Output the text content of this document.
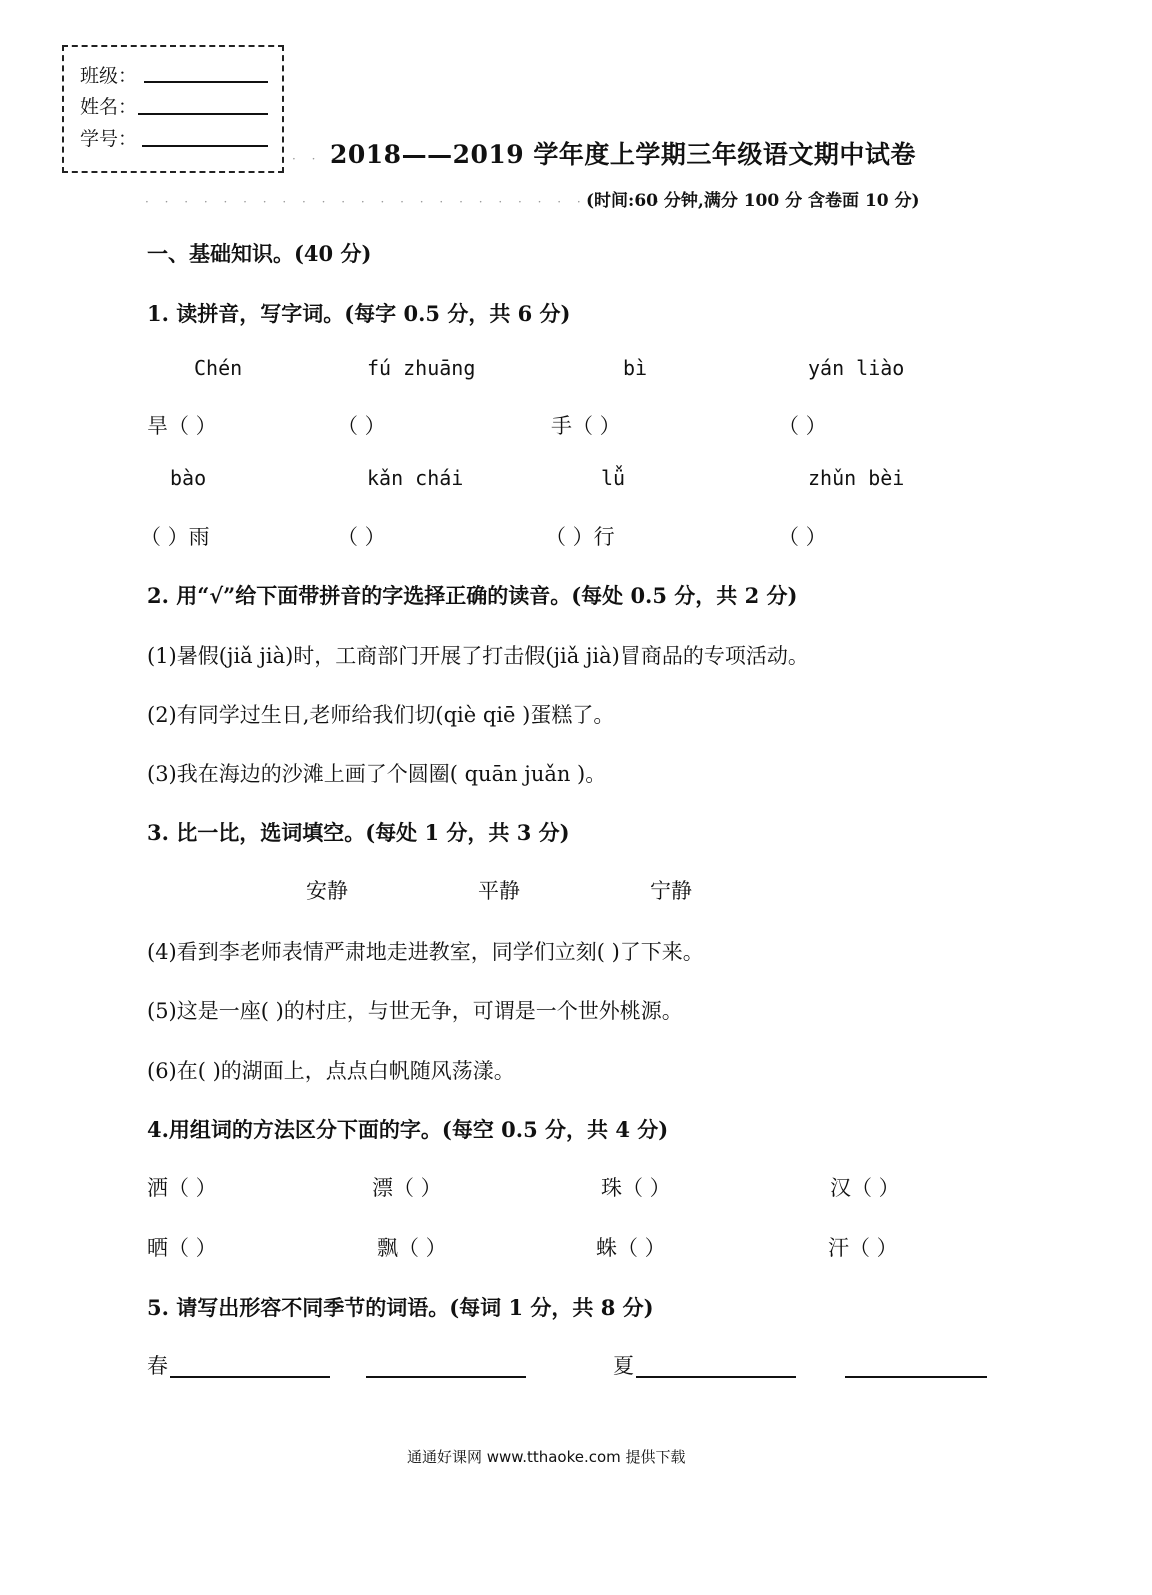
班级：
姓名：
学号：
· · ·
2018——2019 学年度上学期三年级语文期中试卷
· · · · · · · · · · · · · · · · · · · · · · · · · · · · ·
(时间:60 分钟,满分 100 分 含卷面 10 分)
一、基础知识。(40 分)
1. 读拼音，写字词。(每字 0.5 分，共 6 分)
Chén	fú zhuāng	bì	yán liào
旱（ ）	（ ）	手（ ）	（ ）
bào	kǎn chái	lǚ	zhǔn bèi
（ ）雨	（ ）	（ ）行	（ ）
2. 用“√”给下面带拼音的字选择正确的读音。(每处 0.5 分，共 2 分)
(1)暑假(jiǎ jià)时，工商部门开展了打击假(jiǎ jià)冒商品的专项活动。
(2)有同学过生日,老师给我们切(qiè qiē )蛋糕了。
(3)我在海边的沙滩上画了个圆圈( quān juǎn )。
3. 比一比，选词填空。(每处 1 分，共 3 分)
安静	平静	宁静
(4)看到李老师表情严肃地走进教室，同学们立刻( )了下来。
(5)这是一座( )的村庄，与世无争，可谓是一个世外桃源。
(6)在( )的湖面上，点点白帆随风荡漾。
4.用组词的方法区分下面的字。(每空 0.5 分，共 4 分)
洒（ ）	漂（ ）	珠（ ）	汉（ ）
晒（ ）	飘（ ）	蛛（ ）	汗（ ）
5. 请写出形容不同季节的词语。(每词 1 分，共 8 分)
春	夏
通通好课网 www.tthaoke.com 提供下载
